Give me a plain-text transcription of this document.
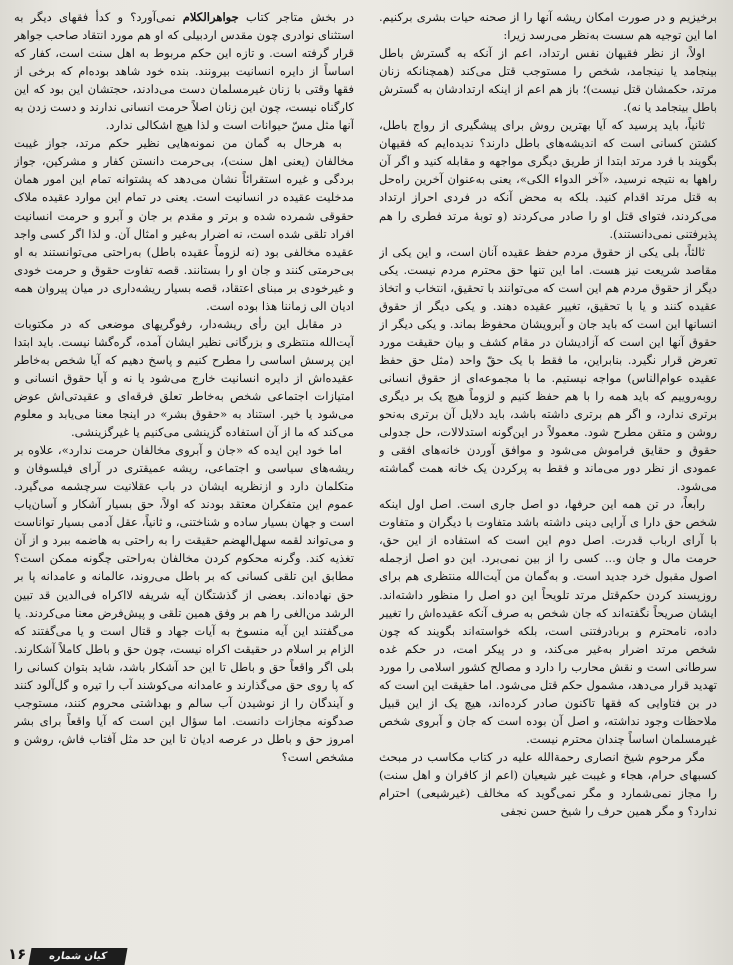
برخیزیم و در صورت امکان ریشه آنها را از صحنه حیات بشری برکنیم. اما این توجیه هم سست به‌نظر می‌رسد زیرا:

اولاً، از نظر فقیهان نفس ارتداد، اعم از آنکه به گسترش باطل بینجامد یا نینجامد، شخص را مستوجب قتل می‌کند (همچنانکه زنان مرتد، حکمشان قتل نیست)؛ باز هم اعم از اینکه ارتدادشان به گسترش باطل بینجامد یا نه).

ثانیاً، باید پرسید که آیا بهترین روش برای پیشگیری از رواج باطل، کشتن کسانی است که اندیشه‌های باطل دارند؟ ندیده‌ایم که فقیهان بگویند با فرد مرتد ابتدا از طریق دیگری مواجهه و مقابله کنید و اگر آن راهها به نتیجه نرسید، «آخر الدواء الکی»، یعنی به‌عنوان آخرین راه‌حل به قتل مرتد اقدام کنید. بلکه به محض آنکه در فردی احراز ارتداد می‌کردند، فتوای قتل او را صادر می‌کردند (و توبهٔ مرتد فطری را هم پذیرفتنی نمی‌دانستند).

ثالثاً، بلی یکی از حقوق مردم حفظ عقیده آنان است، و این یکی از مقاصد شریعت نیز هست. اما این تنها حق محترم مردم نیست. یکی دیگر از حقوق مردم هم این است که می‌توانند با تحقیق، انتخاب و اتخاذ عقیده کنند و یا با تحقیق، تغییر عقیده دهند. و یکی دیگر از حقوق انسانها این است که باید جان و آبرویشان محفوظ بماند. و یکی دیگر از حقوق آنها این است که آزادیشان در مقام کشف و بیان حقیقت مورد تعرض قرار نگیرد. بنابراین، ما فقط با یک حقّ واحد (مثل حق حفظ عقیده عوام‌الناس) مواجه نیستیم. ما با مجموعه‌ای از حقوق انسانی روبه‌روییم که باید همه را با هم حفظ کنیم و لزوماً هیچ یک بر دیگری برتری ندارد، و اگر هم برتری داشته باشد، باید دلایل آن برتری به‌نحو روشن و متقن مطرح شود. معمولاً در این‌گونه استدلالات، حل جدولی حقوق و حقایق فراموش می‌شود و موافق آوردن خانه‌های افقی و عمودی از نظر دور می‌ماند و فقط به پرکردن یک خانه همت گماشته می‌شود.

رابعاً، در تن همه این حرفها، دو اصل جاری است. اصل اول اینکه شخص حق دارا ی آرایی دینی داشته باشد متفاوت با دیگران و متفاوت با آرای ارباب قدرت. اصل دوم این است که استفاده از این حق، حرمت مال و جان و... کسی را از بین نمی‌برد. این دو اصل ازجمله اصول مقبول خرد جدید است. و به‌گمان من آیت‌الله منتظری هم برای روزپسند کردن حکم‌قتل مرتد تلویحاً این دو اصل را منظور داشته‌اند. ایشان صریحاً نگفته‌اند که جان شخص به صرف آنکه عقیده‌اش را تغییر داده، نامحترم و بربادرفتنی است، بلکه خواسته‌اند بگویند که چون شخص مرتد اضرار به‌غیر می‌کند، و در پیکر امت، در حکم غده سرطانی است و نقش محارب را دارد و مصالح کشور اسلامی را مورد تهدید قرار می‌دهد، مشمول حکم قتل می‌شود. اما حقیقت این است که در بن فتاوایی که فقها تاکنون صادر کرده‌اند، هیچ یک از این قبیل ملاحظات وجود نداشته، و اصل آن بوده است که جان و آبروی شخص غیرمسلمان اساساً چندان محترم نیست.

مگر مرحوم شیخ انصاری رحمة‌الله علیه در کتاب مکاسب در مبحث کسبهای حرام، هجاء و غیبت غیر شیعیان (اعم از کافران و اهل سنت) را مجاز نمی‌شمارد و مگر نمی‌گوید که مخالف (غیرشیعی) احترام ندارد؟ و مگر همین حرف را شیخ حسن نجفی

در بخش متاجر کتاب جواهرالکلام نمی‌آورد؟ و کدأ فقهای دیگر به استثنای نوادری چون مقدس اردبیلی که او هم مورد انتقاد صاحب جواهر قرار گرفته است. و تازه این حکم مربوط به اهل سنت است، کفار که اساساً از دایره انسانیت بیرونند. بنده خود شاهد بوده‌ام که برخی از فقها وقتی با زنان غیرمسلمان دست می‌دادند، حجتشان این بود که این کارگناه نیست، چون این زنان اصلاً حرمت انسانی ندارند و دست زدن به آنها مثل مسّ حیوانات است و لذا هیچ اشکالی ندارد.

به هرحال به گمان من نمونه‌هایی نظیر حکم مرتد، جواز غیبت مخالفان (یعنی اهل سنت)، بی‌حرمت دانستن کفار و مشرکین، جواز بردگی و غیره استقرائاً نشان می‌دهد که پشتوانه تمام این امور همان مدخلیت عقیده در انسانیت است. یعنی در تمام این موارد عقیده ملاک حقوقی شمرده شده و برتر و مقدم بر جان و آبرو و حرمت انسانیت افراد تلقی شده است، نه اضرار به‌غیر و امثال آن. و لذا اگر کسی واجد عقیده مخالفی بود (نه لزوماً عقیده باطل) به‌راحتی می‌توانستند به او بی‌حرمتی کنند و جان او را بستانند. قصه تفاوت حقوق و حرمت خودی و غیرخودی بر مبنای اعتقاد، قصه بسیار ریشه‌داری در میان پیروان همه ادیان الی زماننا هذا بوده است.

در مقابل این رأی ریشه‌دار، رفوگریهای موضعی که در مکتوبات آیت‌الله منتظری و بزرگانی نظیر ایشان آمده، گره‌گشا نیست. باید ابتدا این پرسش اساسی را مطرح کنیم و پاسخ دهیم که آیا شخص به‌خاطر عقیده‌اش از دایره انسانیت خارج می‌شود یا نه و آیا حقوق انسانی و امتیازات اجتماعی شخص به‌خاطر تعلق فرقه‌ای و عقیدتی‌اش عوض می‌شود یا خیر. استناد به «حقوق بشر» در اینجا معنا می‌یابد و معلوم می‌کند که ما از آن استفاده گزینشی می‌کنیم یا غیرگزینشی.

اما خود این ایده که «جان و آبروی مخالفان حرمت ندارد»، علاوه بر ریشه‌های سیاسی و اجتماعی، ریشه عمیقتری در آرای فیلسوفان و متکلمان دارد و ازنظریه ایشان در باب عقلانیت سرچشمه می‌گیرد. عموم این متفکران معتقد بودند که اولاً، حق بسیار آشکار و آسان‌یاب است و جهان بسیار ساده و شناختنی، و ثانیاً، عقل آدمی بسیار تواناست و می‌تواند لقمه سهل‌الهضم حقیقت را به راحتی به هاضمه ببرد و از آن تغذیه کند. وگرنه محکوم کردن مخالفان به‌راحتی چگونه ممکن است؟ مطابق این تلقی کسانی که بر باطل می‌روند، عالمانه و عامدانه پا بر حق نهاده‌اند. بعضی از گذشتگان آیه شریفه لااکراه فی‌الدین قد تبین الرشد من‌الغی را هم بر وفق همین تلقی و پیش‌فرض معنا می‌کردند. یا می‌گفتند این آیه منسوخ به آیات جهاد و قتال است و یا می‌گفتند که الزام بر اسلام در حقیقت اکراه نیست، چون حق و باطل کاملاً آشکارند. بلی اگر واقعاً حق و باطل تا این حد آشکار باشد، شاید بتوان کسانی را که پا روی حق می‌گذارند و عامدانه می‌کوشند آب را تیره و گل‌آلود کنند و آیندگان را از نوشیدن آب سالم و بهداشتی محروم کنند، مستوجب صدگونه مجازات دانست. اما سؤال این است که آیا واقعاً برای بشر امروز حق و باطل در عرصه ادیان تا این حد مثل آفتاب فاش، روشن و مشخص است؟

۱۶	کیان شماره
